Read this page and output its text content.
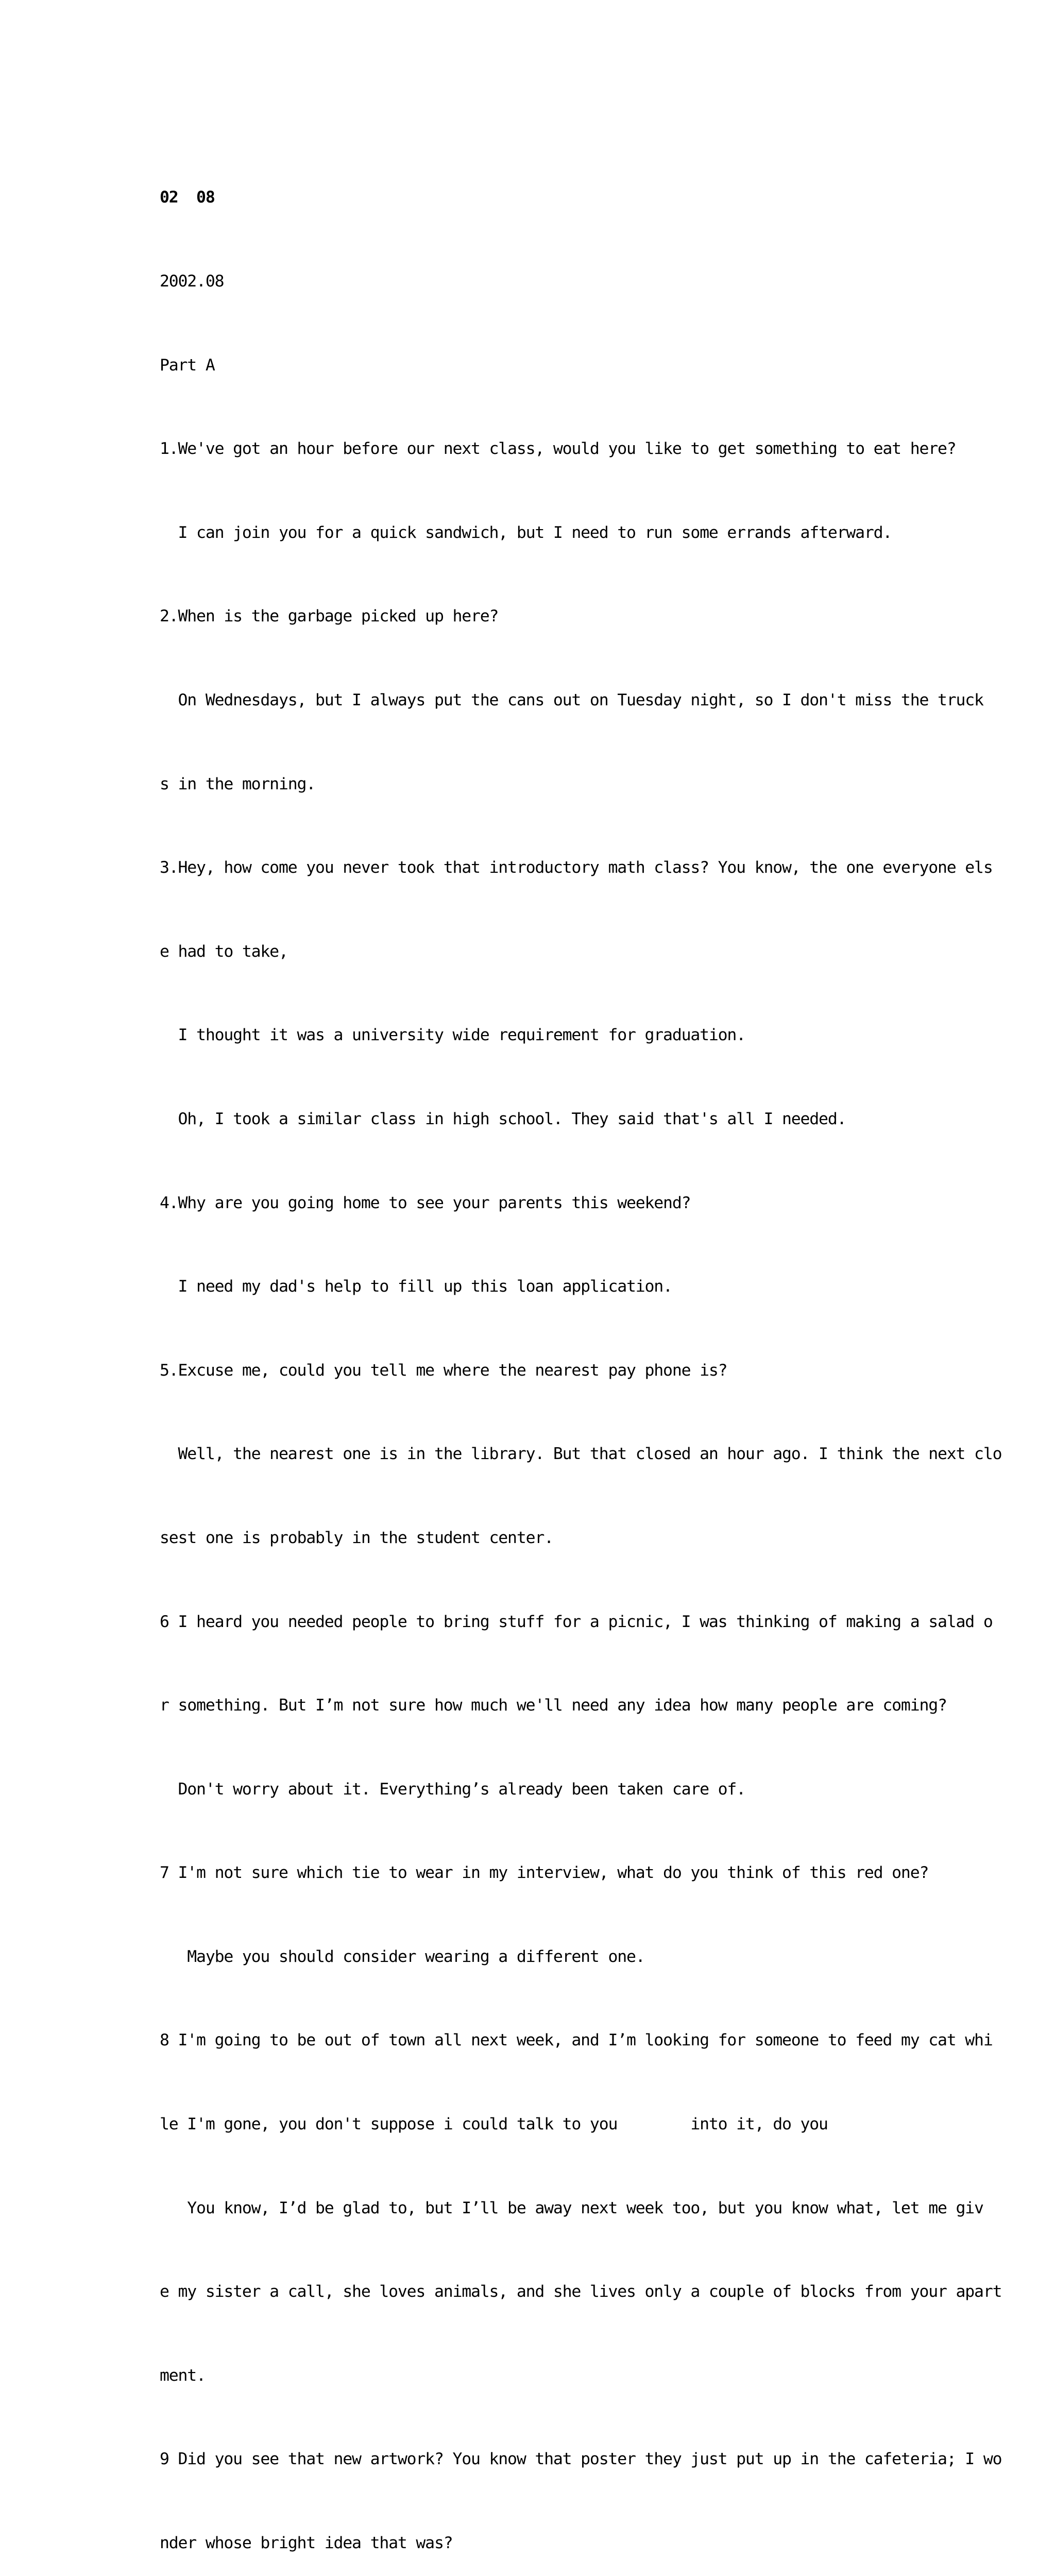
02  08

2002.08

Part A

1.We've got an hour before our next class, would you like to get something to eat here?

I can join you for a quick sandwich, but I need to run some errands afterward.

2.When is the garbage picked up here?

On Wednesdays, but I always put the cans out on Tuesday night, so I don't miss the truck

s in the morning.

3.Hey, how come you never took that introductory math class? You know, the one everyone els

e had to take,

I thought it was a university wide requirement for graduation.

Oh, I took a similar class in high school. They said that's all I needed.

4.Why are you going home to see your parents this weekend?

I need my dad's help to fill up this loan application.

5.Excuse me, could you tell me where the nearest pay phone is?

Well, the nearest one is in the library. But that closed an hour ago. I think the next clo

sest one is probably in the student center.

6 I heard you needed people to bring stuff for a picnic, I was thinking of making a salad o

r something. But I’m not sure how much we'll need any idea how many people are coming?

Don't worry about it. Everything’s already been taken care of.

7 I'm not sure which tie to wear in my interview, what do you think of this red one?

Maybe you should consider wearing a different one.

8 I'm going to be out of town all next week, and I’m looking for someone to feed my cat whi

le I'm gone, you don't suppose i could talk to you        into it, do you

You know, I’d be glad to, but I’ll be away next week too, but you know what, let me giv

e my sister a call, she loves animals, and she lives only a couple of blocks from your apart

ment.

9 Did you see that new artwork? You know that poster they just put up in the cafeteria; I wo

nder whose bright idea that was?
